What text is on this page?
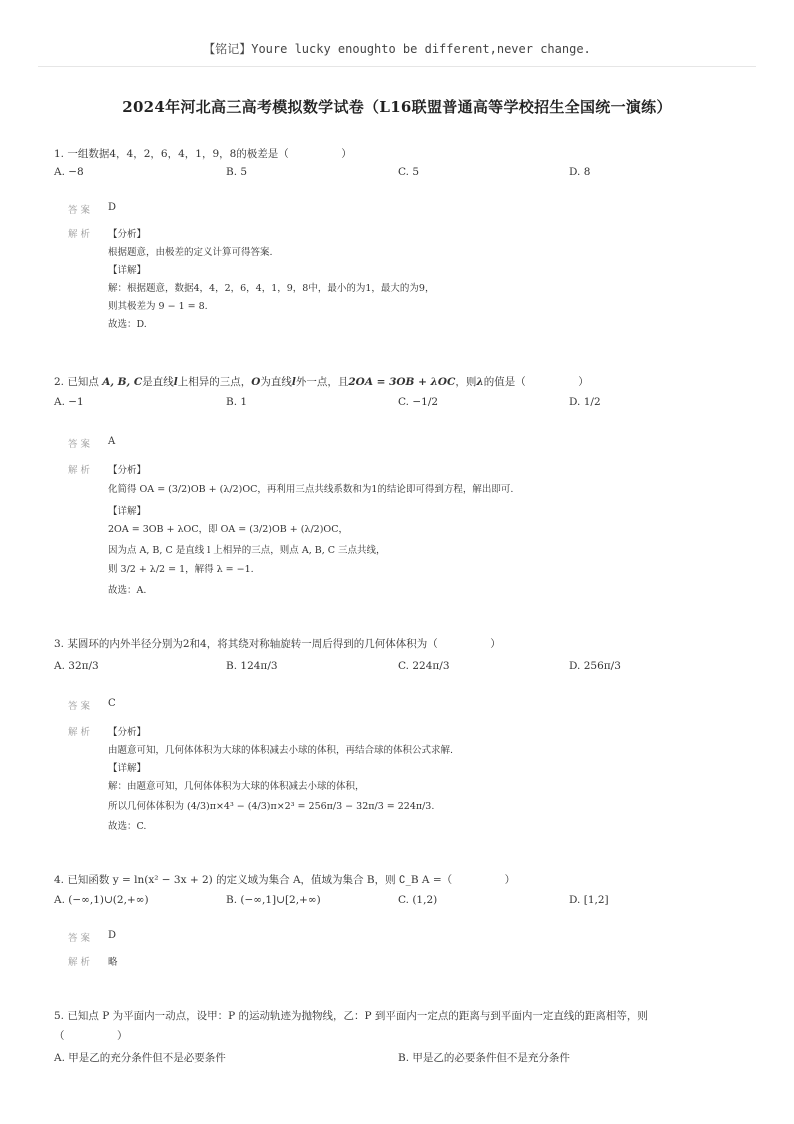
【铭记】Youre lucky enoughto be different,never change.
2024年河北高三高考模拟数学试卷（L16联盟普通高等学校招生全国统一演练）
1. 一组数据4，4，2，6，4，1，9，8的极差是（　　　　　）
A. −8	B. 5	C. 5	D. 8
答案 D
解析 【分析】
根据题意，由极差的定义计算可得答案.
【详解】
解：根据题意，数据4，4，2，6，4，1，9，8中，最小的为1，最大的为9，
则其极差为 9 − 1 = 8.
故选：D.
2. 已知点 A, B, C是直线l上相异的三点，O为直线l外一点，且2OA = 3OB + λOC，则λ的值是（　　　　　）
A. −1	B. 1	C. −1/2	D. 1/2
答案 A
解析 【分析】
化简得 OA = (3/2)OB + (λ/2)OC，再利用三点共线系数和为1的结论即可得到方程，解出即可.
【详解】
2OA = 3OB + λOC，即 OA = (3/2)OB + (λ/2)OC，
因为点 A, B, C 是直线 l 上相异的三点，则点 A, B, C 三点共线，
则 3/2 + λ/2 = 1，解得 λ = −1.
故选：A.
3. 某圆环的内外半径分别为2和4，将其绕对称轴旋转一周后得到的几何体体积为（　　　　　）
A. 32π/3	B. 124π/3	C. 224π/3	D. 256π/3
答案 C
解析 【分析】
由题意可知，几何体体积为大球的体积减去小球的体积，再结合球的体积公式求解.
【详解】
解：由题意可知，几何体体积为大球的体积减去小球的体积，
所以几何体体积为 (4/3)π×4³ − (4/3)π×2³ = 256π/3 − 32π/3 = 224π/3.
故选：C.
4. 已知函数 y = ln(x² − 3x + 2) 的定义域为集合 A，值域为集合 B，则 ∁_B A =（　　　　　）
A. (−∞,1)∪(2,+∞)	B. (−∞,1]∪[2,+∞)	C. (1,2)	D. [1,2]
答案 D
解析 略
5. 已知点 P 为平面内一动点，设甲：P 的运动轨迹为抛物线，乙：P 到平面内一定点的距离与到平面内一定直线的距离相等，则
（　　　　　）
A. 甲是乙的充分条件但不是必要条件	B. 甲是乙的必要条件但不是充分条件
